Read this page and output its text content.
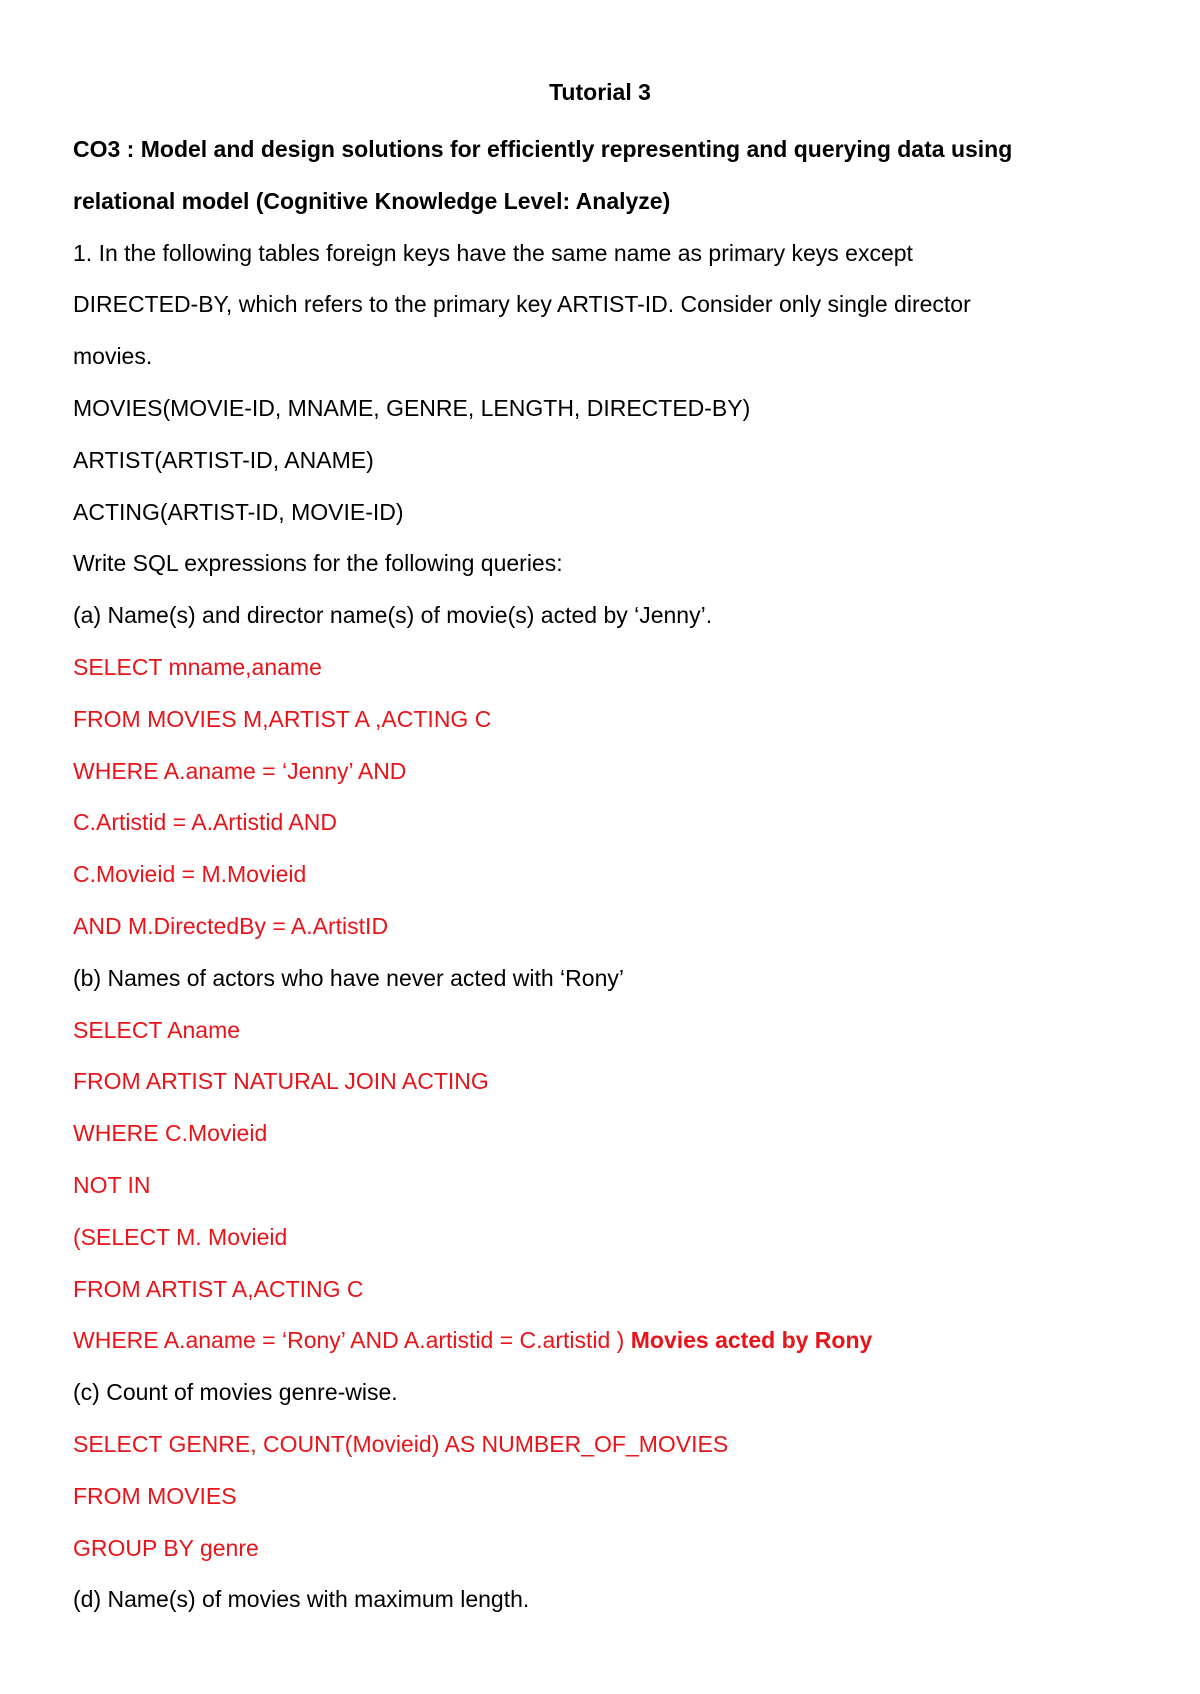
Tutorial 3
CO3 : Model and design solutions for efficiently representing and querying data using
relational model (Cognitive Knowledge Level: Analyze)
1. In the following tables foreign keys have the same name as primary keys except
DIRECTED-BY, which refers to the primary key ARTIST-ID. Consider only single director
movies.
MOVIES(MOVIE-ID, MNAME, GENRE, LENGTH, DIRECTED-BY)
ARTIST(ARTIST-ID, ANAME)
ACTING(ARTIST-ID, MOVIE-ID)
Write SQL expressions for the following queries:
(a) Name(s) and director name(s) of movie(s) acted by ‘Jenny’.
SELECT mname,aname
FROM MOVIES M,ARTIST A ,ACTING C
WHERE A.aname = ‘Jenny’ AND
C.Artistid = A.Artistid AND
C.Movieid = M.Movieid
AND M.DirectedBy = A.ArtistID
(b) Names of actors who have never acted with ‘Rony’
SELECT Aname
FROM ARTIST NATURAL JOIN ACTING
WHERE C.Movieid
NOT IN
(SELECT M. Movieid
FROM ARTIST A,ACTING C
WHERE A.aname = ‘Rony’ AND A.artistid = C.artistid ) Movies acted by Rony
(c) Count of movies genre-wise.
SELECT GENRE, COUNT(Movieid) AS NUMBER_OF_MOVIES
FROM MOVIES
GROUP BY genre
(d) Name(s) of movies with maximum length.
